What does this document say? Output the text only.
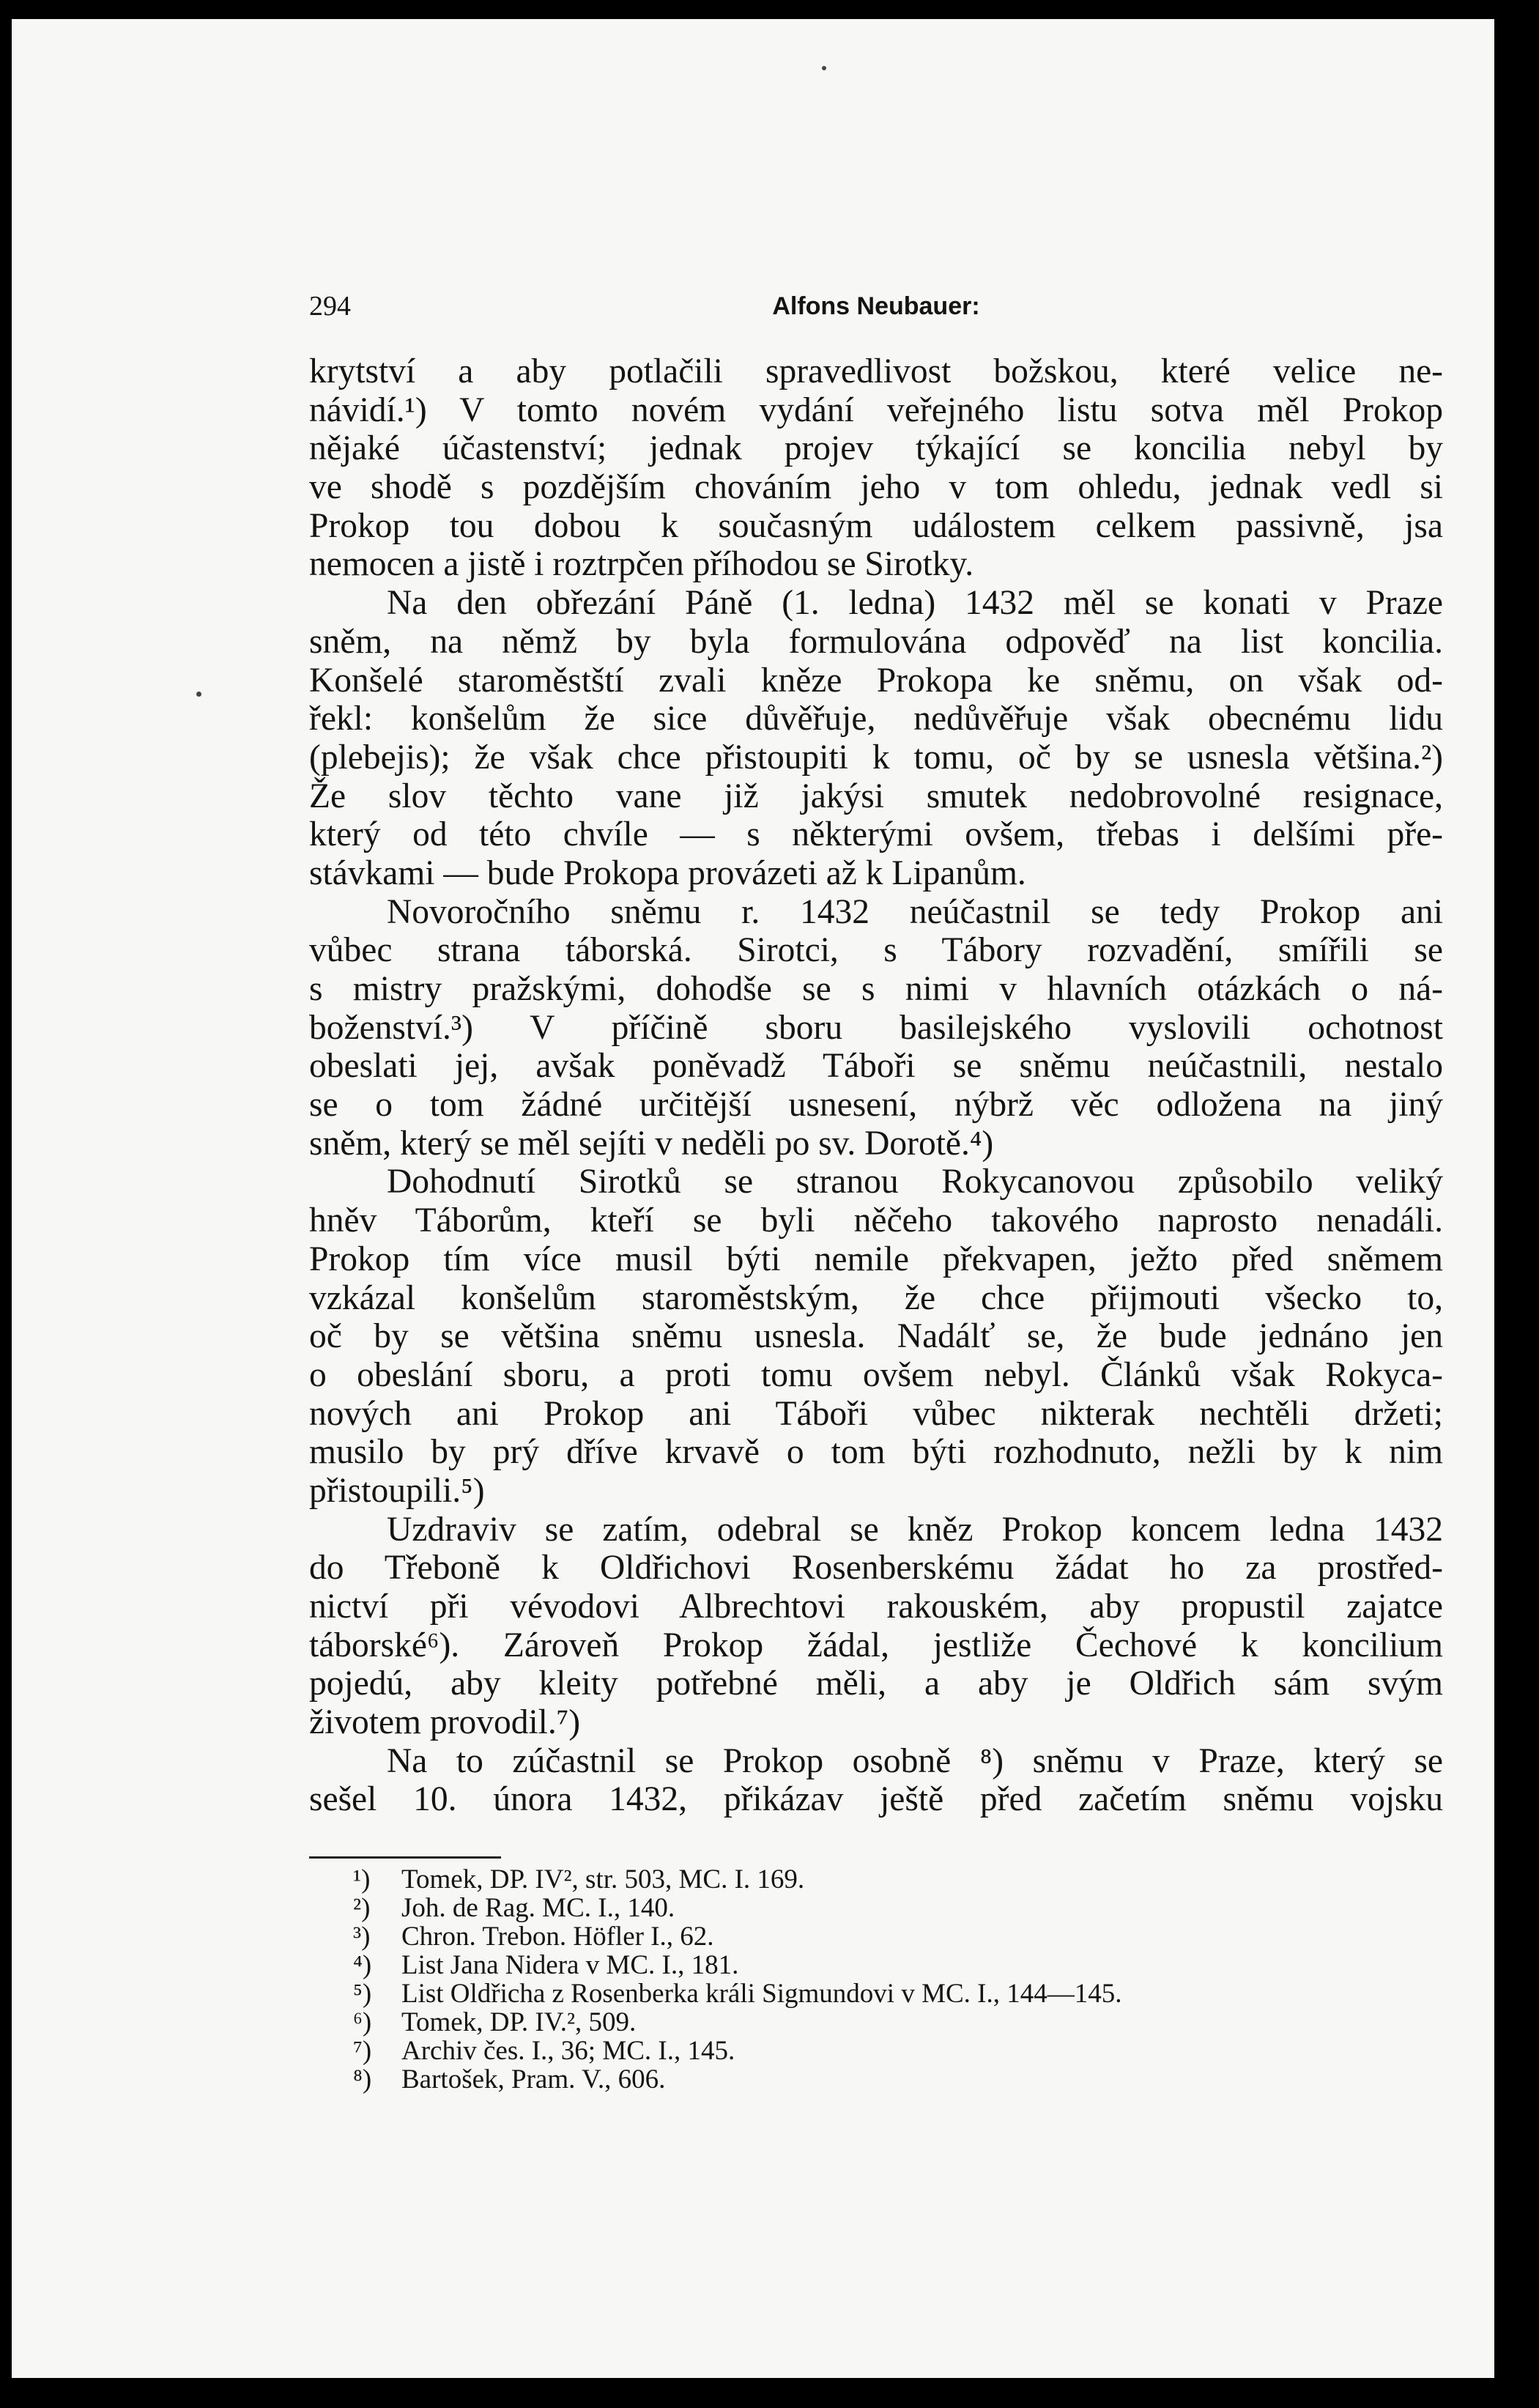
294	Alfons Neubauer:
krytství a aby potlačili spravedlivost božskou, které velice ne-
návidí.¹) V tomto novém vydání veřejného listu sotva měl Prokop
nějaké účastenství; jednak projev týkající se koncilia nebyl by
ve shodě s pozdějším chováním jeho v tom ohledu, jednak vedl si
Prokop tou dobou k současným událostem celkem passivně, jsa
nemocen a jistě i roztrpčen příhodou se Sirotky.
Na den obřezání Páně (1. ledna) 1432 měl se konati v Praze
sněm, na němž by byla formulována odpověď na list koncilia.
Konšelé staroměstští zvali kněze Prokopa ke sněmu, on však od-
řekl: konšelům že sice důvěřuje, nedůvěřuje však obecnému lidu
(plebejis); že však chce přistoupiti k tomu, oč by se usnesla většina.²)
Že slov těchto vane již jakýsi smutek nedobrovolné resignace,
který od této chvíle — s některými ovšem, třebas i delšími pře-
stávkami — bude Prokopa provázeti až k Lipanům.
Novoročního sněmu r. 1432 neúčastnil se tedy Prokop ani
vůbec strana táborská. Sirotci, s Tábory rozvadění, smířili se
s mistry pražskými, dohodše se s nimi v hlavních otázkách o ná-
boženství.³) V příčině sboru basilejského vyslovili ochotnost
obeslati jej, avšak poněvadž Táboři se sněmu neúčastnili, nestalo
se o tom žádné určitější usnesení, nýbrž věc odložena na jiný
sněm, který se měl sejíti v neděli po sv. Dorotě.⁴)
Dohodnutí Sirotků se stranou Rokycanovou způsobilo veliký
hněv Táborům, kteří se byli něčeho takového naprosto nenadáli.
Prokop tím více musil býti nemile překvapen, ježto před sněmem
vzkázal konšelům staroměstským, že chce přijmouti všecko to,
oč by se většina sněmu usnesla. Nadálť se, že bude jednáno jen
o obeslání sboru, a proti tomu ovšem nebyl. Článků však Rokyca-
nových ani Prokop ani Táboři vůbec nikterak nechtěli držeti;
musilo by prý dříve krvavě o tom býti rozhodnuto, nežli by k nim
přistoupili.⁵)
Uzdraviv se zatím, odebral se kněz Prokop koncem ledna 1432
do Třeboně k Oldřichovi Rosenberskému žádat ho za prostřed-
nictví při vévodovi Albrechtovi rakouském, aby propustil zajatce
táborské⁶). Zároveň Prokop žádal, jestliže Čechové k koncilium
pojedú, aby kleity potřebné měli, a aby je Oldřich sám svým
životem provodil.⁷)
Na to zúčastnil se Prokop osobně ⁸) sněmu v Praze, který se
sešel 10. února 1432, přikázav ještě před začetím sněmu vojsku
¹)	Tomek, DP. IV², str. 503, MC. I. 169.
²)	Joh. de Rag. MC. I., 140.
³)	Chron. Trebon. Höfler I., 62.
⁴)	List Jana Nidera v MC. I., 181.
⁵)	List Oldřicha z Rosenberka králi Sigmundovi v MC. I., 144—145.
⁶)	Tomek, DP. IV.², 509.
⁷)	Archiv čes. I., 36; MC. I., 145.
⁸)	Bartošek, Pram. V., 606.
